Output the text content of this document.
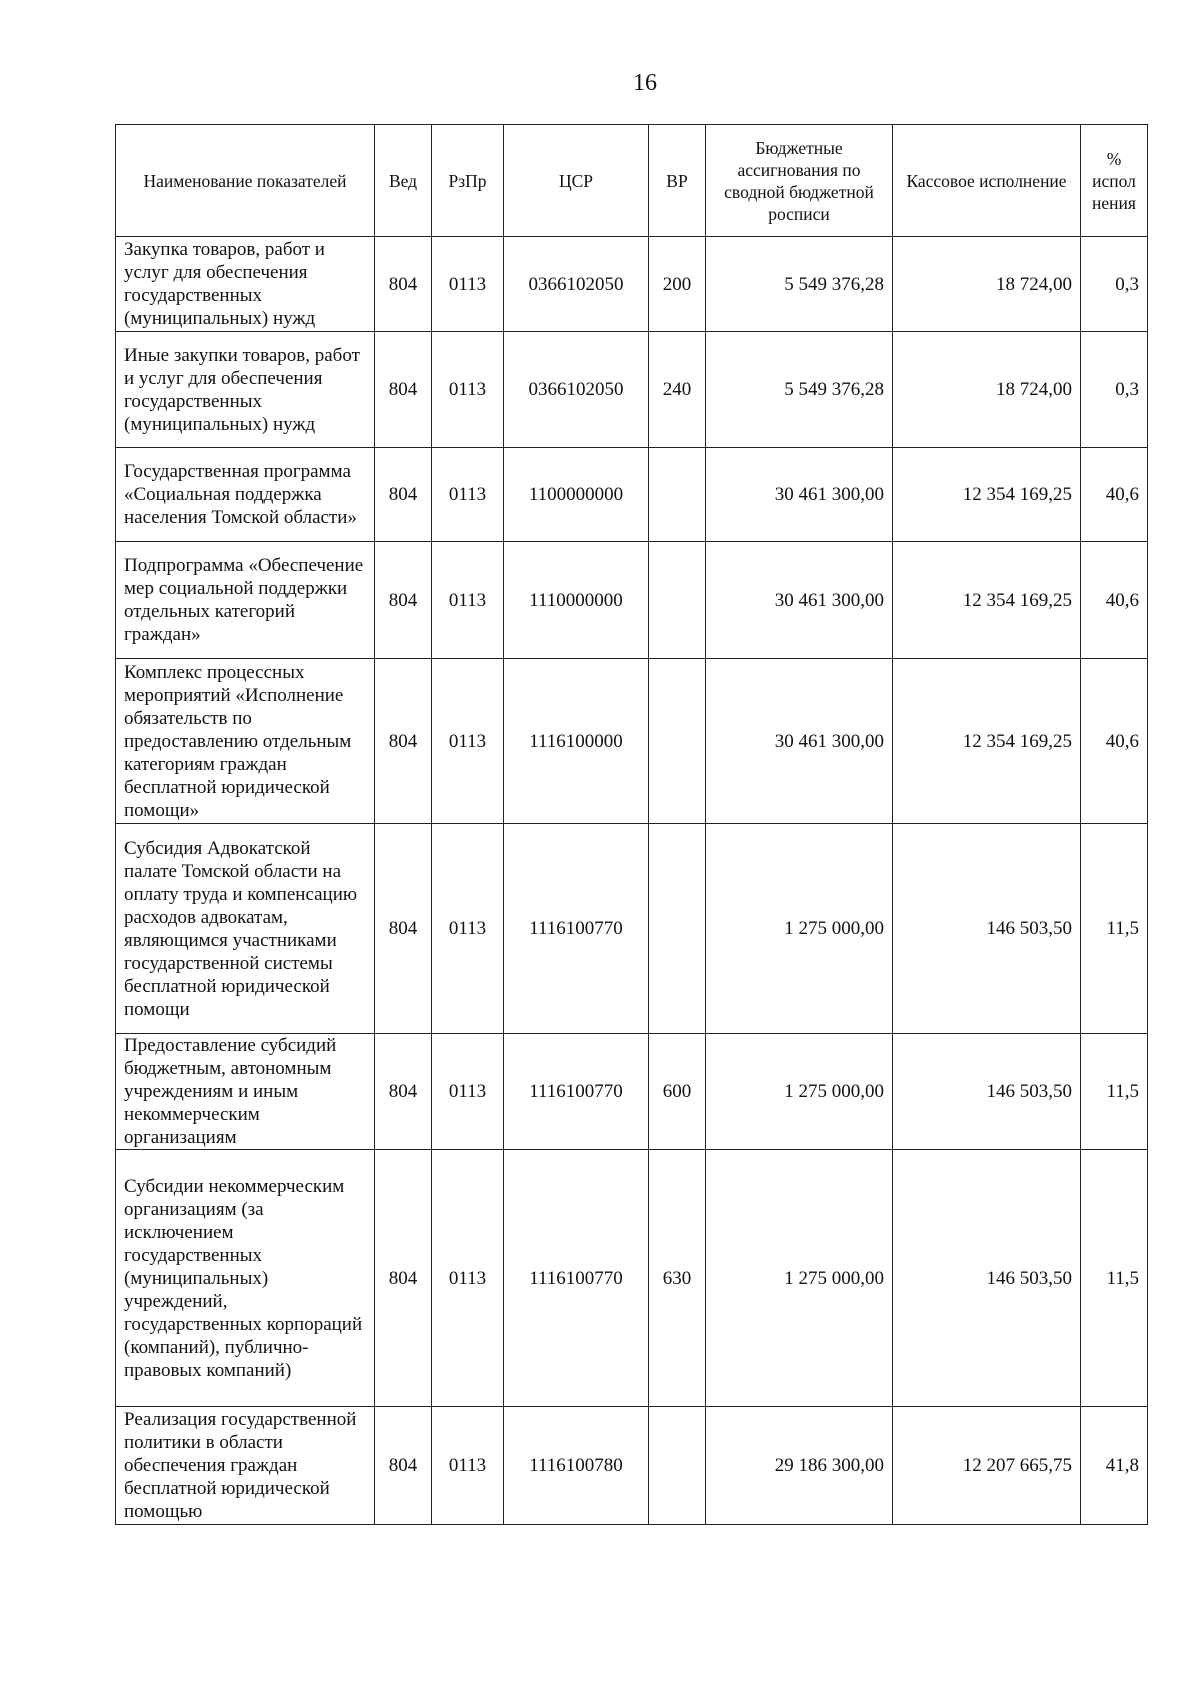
16
Наименование показателей	Вед	РзПр	ЦСР	ВР	Бюджетные ассигнования по сводной бюджетной росписи	Кассовое исполнение	% испол нения
Закупка товаров, работ и услуг для обеспечения государственных (муниципальных) нужд	804	0113	0366102050	200	5 549 376,28	18 724,00	0,3
Иные закупки товаров, работ и услуг для обеспечения государственных (муниципальных) нужд	804	0113	0366102050	240	5 549 376,28	18 724,00	0,3
Государственная программа «Социальная поддержка населения Томской области»	804	0113	1100000000		30 461 300,00	12 354 169,25	40,6
Подпрограмма «Обеспечение мер социальной поддержки отдельных категорий граждан»	804	0113	1110000000		30 461 300,00	12 354 169,25	40,6
Комплекс процессных мероприятий «Исполнение обязательств по предоставлению отдельным категориям граждан бесплатной юридической помощи»	804	0113	1116100000		30 461 300,00	12 354 169,25	40,6
Субсидия Адвокатской палате Томской области на оплату труда и компенсацию расходов адвокатам, являющимся участниками государственной системы бесплатной юридической помощи	804	0113	1116100770		1 275 000,00	146 503,50	11,5
Предоставление субсидий бюджетным, автономным учреждениям и иным некоммерческим организациям	804	0113	1116100770	600	1 275 000,00	146 503,50	11,5
Субсидии некоммерческим организациям (за исключением государственных (муниципальных) учреждений, государственных корпораций (компаний), публично-правовых компаний)	804	0113	1116100770	630	1 275 000,00	146 503,50	11,5
Реализация государственной политики в области обеспечения граждан бесплатной юридической помощью	804	0113	1116100780		29 186 300,00	12 207 665,75	41,8
